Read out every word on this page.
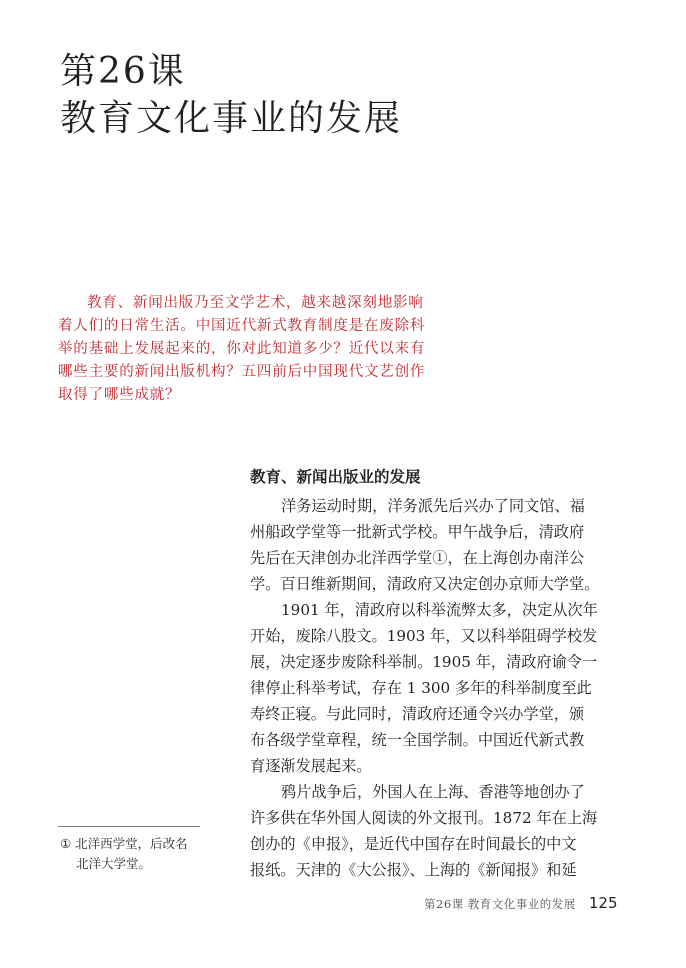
第26课
教育文化事业的发展

教育、新闻出版乃至文学艺术，越来越深刻地影响
着人们的日常生活。中国近代新式教育制度是在废除科
举的基础上发展起来的，你对此知道多少？近代以来有
哪些主要的新闻出版机构？五四前后中国现代文艺创作
取得了哪些成就？

教育、新闻出版业的发展
洋务运动时期，洋务派先后兴办了同文馆、福
州船政学堂等一批新式学校。甲午战争后，清政府
先后在天津创办北洋西学堂①，在上海创办南洋公
学。百日维新期间，清政府又决定创办京师大学堂。
1901 年，清政府以科举流弊太多，决定从次年
开始，废除八股文。1903 年，又以科举阻碍学校发
展，决定逐步废除科举制。1905 年，清政府谕令一
律停止科举考试，存在 1 300 多年的科举制度至此
寿终正寝。与此同时，清政府还通令兴办学堂，颁
布各级学堂章程，统一全国学制。中国近代新式教
育逐渐发展起来。
鸦片战争后，外国人在上海、香港等地创办了
许多供在华外国人阅读的外文报刊。1872 年在上海
创办的《申报》，是近代中国存在时间最长的中文
报纸。天津的《大公报》、上海的《新闻报》和延

① 北洋西学堂，后改名
北洋大学堂。

第26课 教育文化事业的发展 125
